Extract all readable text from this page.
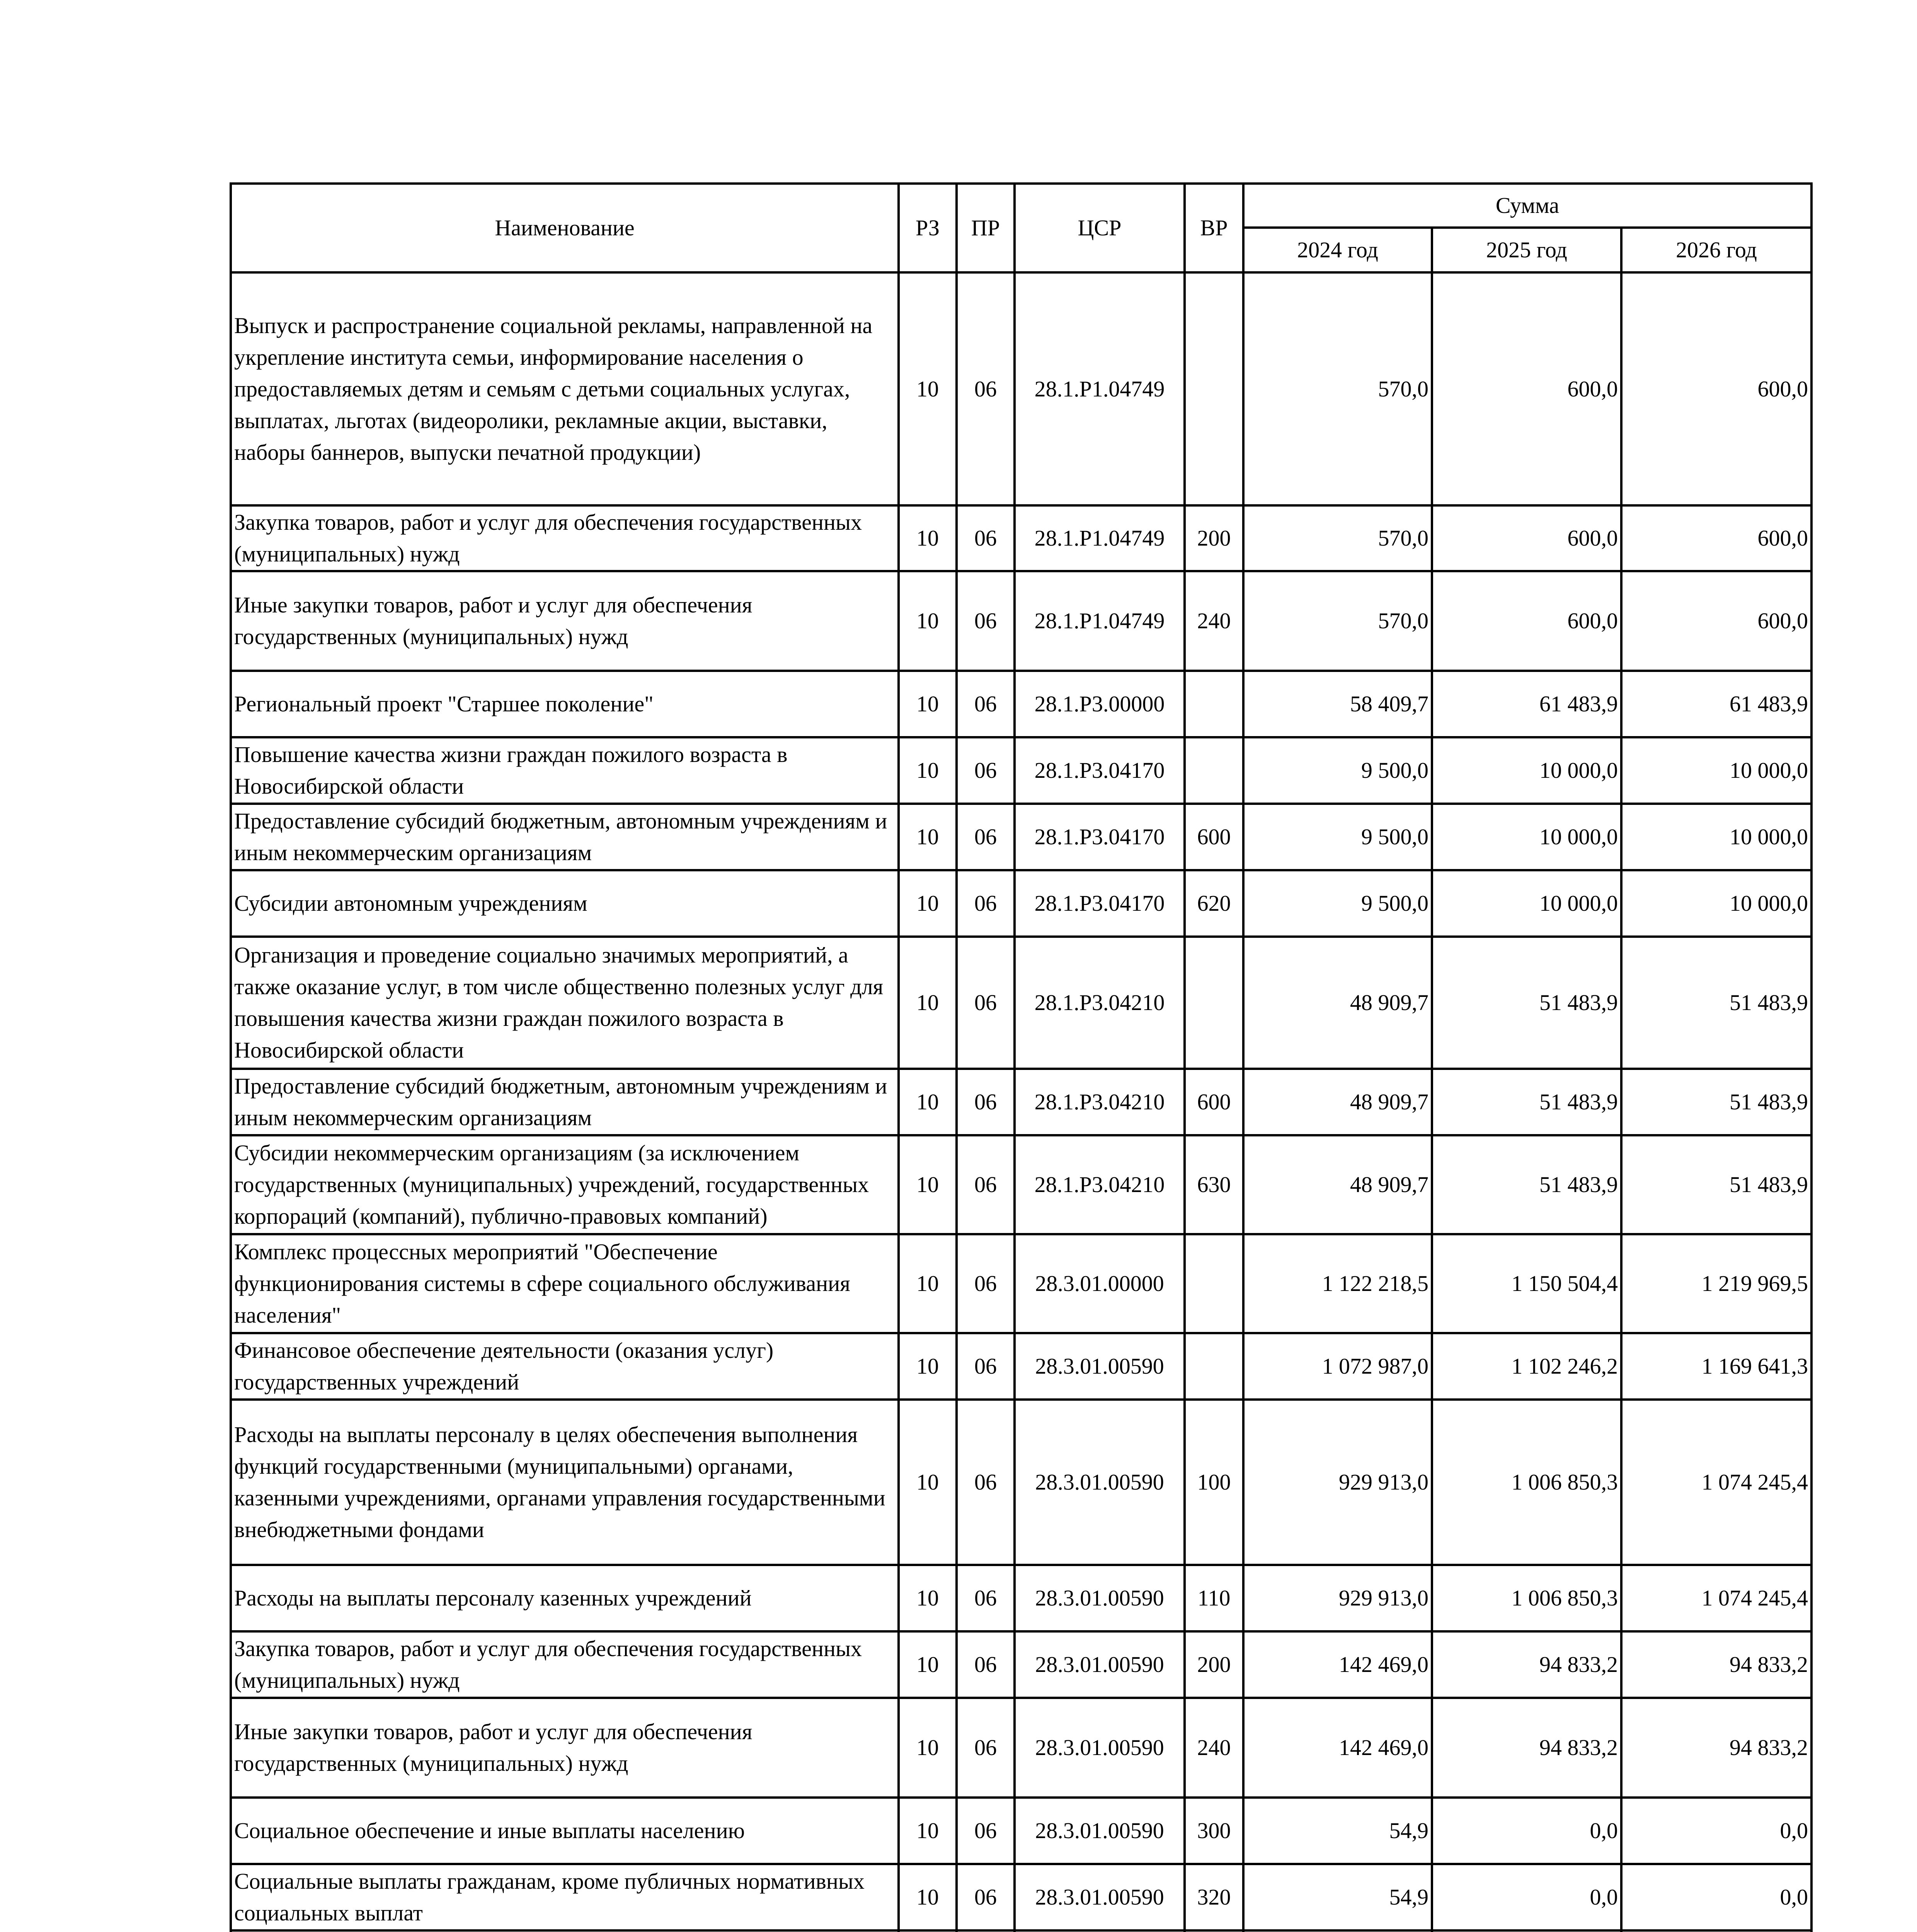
Наименование	РЗ	ПР	ЦСР	ВР	Сумма		
					2024 год	2025 год	2026 год
Выпуск и распространение социальной рекламы, направленной на укрепление института семьи, информирование населения о предоставляемых детям и семьям с детьми социальных услугах, выплатах, льготах (видеоролики, рекламные акции, выставки, наборы баннеров, выпуски печатной продукции)	10	06	28.1.P1.04749		570,0	600,0	600,0
Закупка товаров, работ и услуг для обеспечения государственных (муниципальных) нужд	10	06	28.1.P1.04749	200	570,0	600,0	600,0
Иные закупки товаров, работ и услуг для обеспечения государственных (муниципальных) нужд	10	06	28.1.P1.04749	240	570,0	600,0	600,0
Региональный проект "Старшее поколение"	10	06	28.1.P3.00000		58 409,7	61 483,9	61 483,9
Повышение качества жизни граждан пожилого возраста в Новосибирской области	10	06	28.1.P3.04170		9 500,0	10 000,0	10 000,0
Предоставление субсидий бюджетным, автономным учреждениям и иным некоммерческим организациям	10	06	28.1.P3.04170	600	9 500,0	10 000,0	10 000,0
Субсидии автономным учреждениям	10	06	28.1.P3.04170	620	9 500,0	10 000,0	10 000,0
Организация и проведение социально значимых мероприятий, а также оказание услуг, в том числе общественно полезных услуг для повышения качества жизни граждан пожилого возраста в Новосибирской области	10	06	28.1.P3.04210		48 909,7	51 483,9	51 483,9
Предоставление субсидий бюджетным, автономным учреждениям и иным некоммерческим организациям	10	06	28.1.P3.04210	600	48 909,7	51 483,9	51 483,9
Субсидии некоммерческим организациям (за исключением государственных (муниципальных) учреждений, государственных корпораций (компаний), публично-правовых компаний)	10	06	28.1.P3.04210	630	48 909,7	51 483,9	51 483,9
Комплекс процессных мероприятий "Обеспечение функционирования системы в сфере социального обслуживания населения"	10	06	28.3.01.00000		1 122 218,5	1 150 504,4	1 219 969,5
Финансовое обеспечение деятельности (оказания услуг) государственных учреждений	10	06	28.3.01.00590		1 072 987,0	1 102 246,2	1 169 641,3
Расходы на выплаты персоналу в целях обеспечения выполнения функций государственными (муниципальными) органами, казенными учреждениями, органами управления государственными внебюджетными фондами	10	06	28.3.01.00590	100	929 913,0	1 006 850,3	1 074 245,4
Расходы на выплаты персоналу казенных учреждений	10	06	28.3.01.00590	110	929 913,0	1 006 850,3	1 074 245,4
Закупка товаров, работ и услуг для обеспечения государственных (муниципальных) нужд	10	06	28.3.01.00590	200	142 469,0	94 833,2	94 833,2
Иные закупки товаров, работ и услуг для обеспечения государственных (муниципальных) нужд	10	06	28.3.01.00590	240	142 469,0	94 833,2	94 833,2
Социальное обеспечение и иные выплаты населению	10	06	28.3.01.00590	300	54,9	0,0	0,0
Социальные выплаты гражданам, кроме публичных нормативных социальных выплат	10	06	28.3.01.00590	320	54,9	0,0	0,0
